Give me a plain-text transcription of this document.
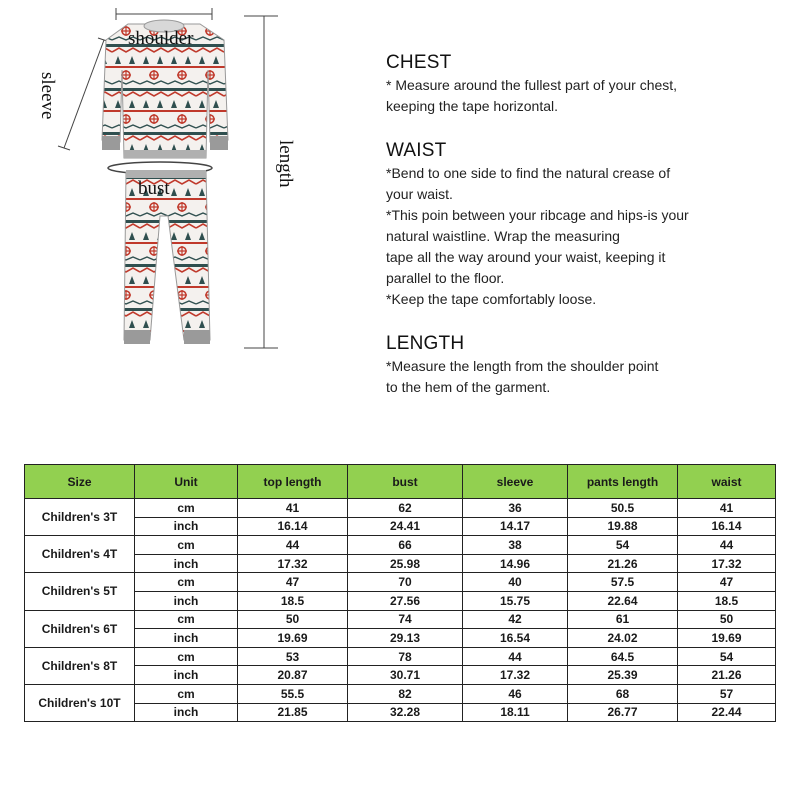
shoulder
bust
sleeve
length
CHEST

* Measure around the fullest part of your chest,

keeping the tape horizontal.

WAIST

*Bend to one side to find the natural crease of

your waist.

*This poin between your ribcage and hips-is your

natural waistline. Wrap the measuring

tape all the way around your waist, keeping it

parallel to the floor.

*Keep the tape comfortably loose.

LENGTH

*Measure the length from the shoulder point

to the hem of the garment.

Size	Unit	top length	bust	sleeve	pants length	waist
Children's 3T	cm	41	62	36	50.5	41
	inch	16.14	24.41	14.17	19.88	16.14
Children's 4T	cm	44	66	38	54	44
	inch	17.32	25.98	14.96	21.26	17.32
Children's 5T	cm	47	70	40	57.5	47
	inch	18.5	27.56	15.75	22.64	18.5
Children's 6T	cm	50	74	42	61	50
	inch	19.69	29.13	16.54	24.02	19.69
Children's 8T	cm	53	78	44	64.5	54
	inch	20.87	30.71	17.32	25.39	21.26
Children's 10T	cm	55.5	82	46	68	57
	inch	21.85	32.28	18.11	26.77	22.44
